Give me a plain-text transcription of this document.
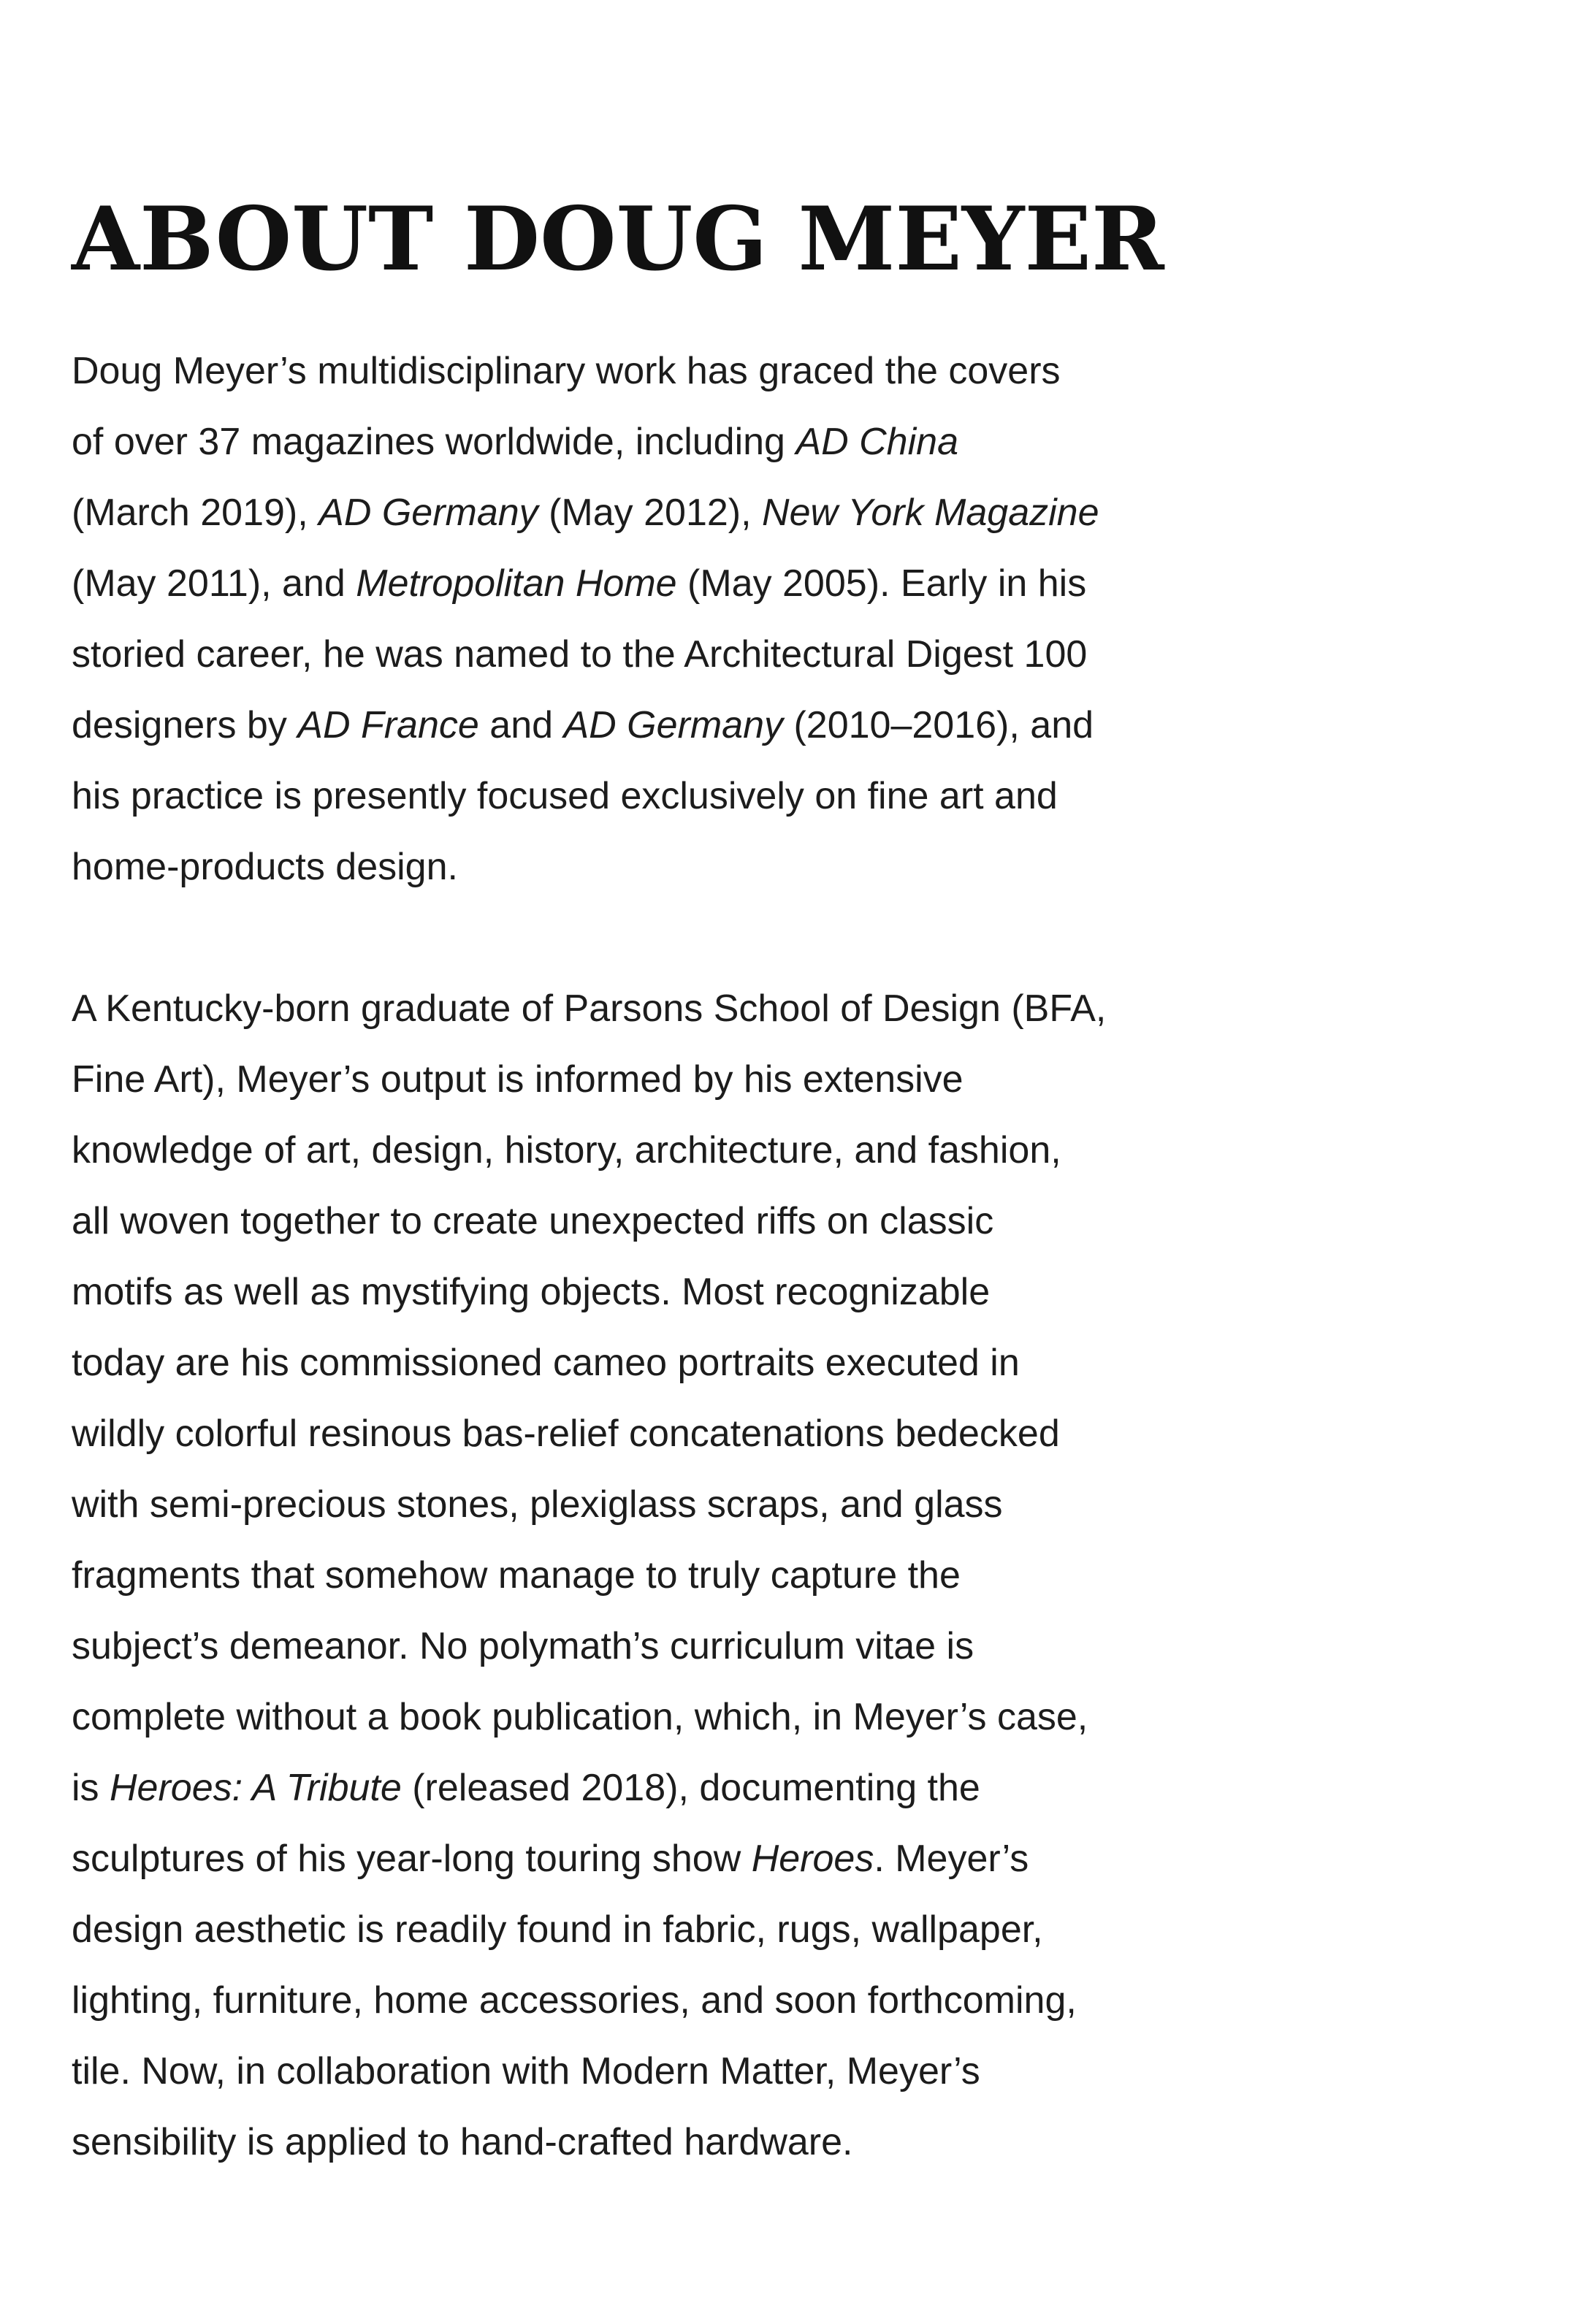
ABOUT DOUG MEYER

Doug Meyer’s multidisciplinary work has graced the covers
of over 37 magazines worldwide, including AD China
(March 2019), AD Germany (May 2012), New York Magazine
(May 2011), and Metropolitan Home (May 2005). Early in his
storied career, he was named to the Architectural Digest 100
designers by AD France and AD Germany (2010–2016), and
his practice is presently focused exclusively on fine art and
home-products design.

A Kentucky-born graduate of Parsons School of Design (BFA,
Fine Art), Meyer’s output is informed by his extensive
knowledge of art, design, history, architecture, and fashion,
all woven together to create unexpected riffs on classic
motifs as well as mystifying objects. Most recognizable
today are his commissioned cameo portraits executed in
wildly colorful resinous bas-relief concatenations bedecked
with semi-precious stones, plexiglass scraps, and glass
fragments that somehow manage to truly capture the
subject’s demeanor. No polymath’s curriculum vitae is
complete without a book publication, which, in Meyer’s case,
is Heroes: A Tribute (released 2018), documenting the
sculptures of his year-long touring show Heroes. Meyer’s
design aesthetic is readily found in fabric, rugs, wallpaper,
lighting, furniture, home accessories, and soon forthcoming,
tile. Now, in collaboration with Modern Matter, Meyer’s
sensibility is applied to hand-crafted hardware.
